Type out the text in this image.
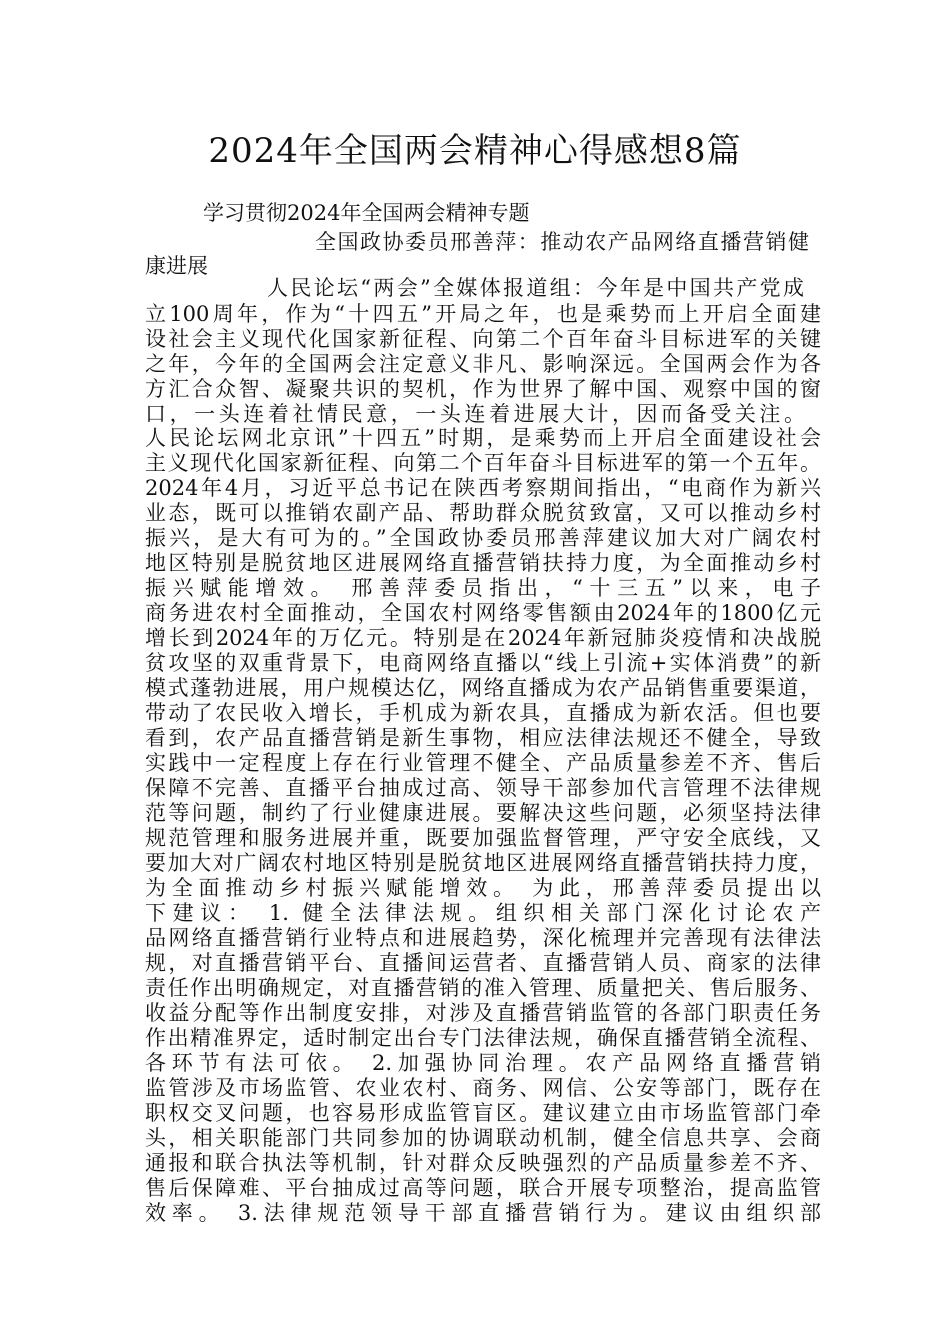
2024年全国两会精神心得感想8篇
学习贯彻2024年全国两会精神专题
全国政协委员邢善萍：推动农产品网络直播营销健
康进展
人民论坛“两会”全媒体报道组：今年是中国共产党成
立100周年，作为“十四五”开局之年，也是乘势而上开启全面建
设社会主义现代化国家新征程、向第二个百年奋斗目标进军的关键
之年，今年的全国两会注定意义非凡、影响深远。全国两会作为各
方汇合众智、凝聚共识的契机，作为世界了解中国、观察中国的窗
口，一头连着社情民意，一头连着进展大计，因而备受关注。
人民论坛网北京讯”十四五”时期，是乘势而上开启全面建设社会
主义现代化国家新征程、向第二个百年奋斗目标进军的第一个五年。
2024年4月，习近平总书记在陕西考察期间指出，“电商作为新兴
业态，既可以推销农副产品、帮助群众脱贫致富，又可以推动乡村
振兴，是大有可为的。”全国政协委员邢善萍建议加大对广阔农村
地区特别是脱贫地区进展网络直播营销扶持力度，为全面推动乡村
振兴赋能增效。 邢善萍委员指出，“十三五”以来，电子
商务进农村全面推动，全国农村网络零售额由2024年的1800亿元
增长到2024年的万亿元。特别是在2024年新冠肺炎疫情和决战脱
贫攻坚的双重背景下，电商网络直播以“线上引流+实体消费”的新
模式蓬勃进展，用户规模达亿，网络直播成为农产品销售重要渠道，
带动了农民收入增长，手机成为新农具，直播成为新农活。但也要
看到，农产品直播营销是新生事物，相应法律法规还不健全，导致
实践中一定程度上存在行业管理不健全、产品质量参差不齐、售后
保障不完善、直播平台抽成过高、领导干部参加代言管理不法律规
范等问题，制约了行业健康进展。要解决这些问题，必须坚持法律
规范管理和服务进展并重，既要加强监督管理，严守安全底线，又
要加大对广阔农村地区特别是脱贫地区进展网络直播营销扶持力度，
为全面推动乡村振兴赋能增效。 为此，邢善萍委员提出以
下建议： 1. 健全法律法规。组织相关部门深化讨论农产
品网络直播营销行业特点和进展趋势，深化梳理并完善现有法律法
规，对直播营销平台、直播间运营者、直播营销人员、商家的法律
责任作出明确规定，对直播营销的准入管理、质量把关、售后服务、
收益分配等作出制度安排，对涉及直播营销监管的各部门职责任务
作出精准界定，适时制定出台专门法律法规，确保直播营销全流程、
各环节有法可依。 2.加强协同治理。农产品网络直播营销
监管涉及市场监管、农业农村、商务、网信、公安等部门，既存在
职权交叉问题，也容易形成监管盲区。建议建立由市场监管部门牵
头，相关职能部门共同参加的协调联动机制，健全信息共享、会商
通报和联合执法等机制，针对群众反映强烈的产品质量参差不齐、
售后保障难、平台抽成过高等问题，联合开展专项整治，提高监管
效率。 3.法律规范领导干部直播营销行为。建议由组织部
